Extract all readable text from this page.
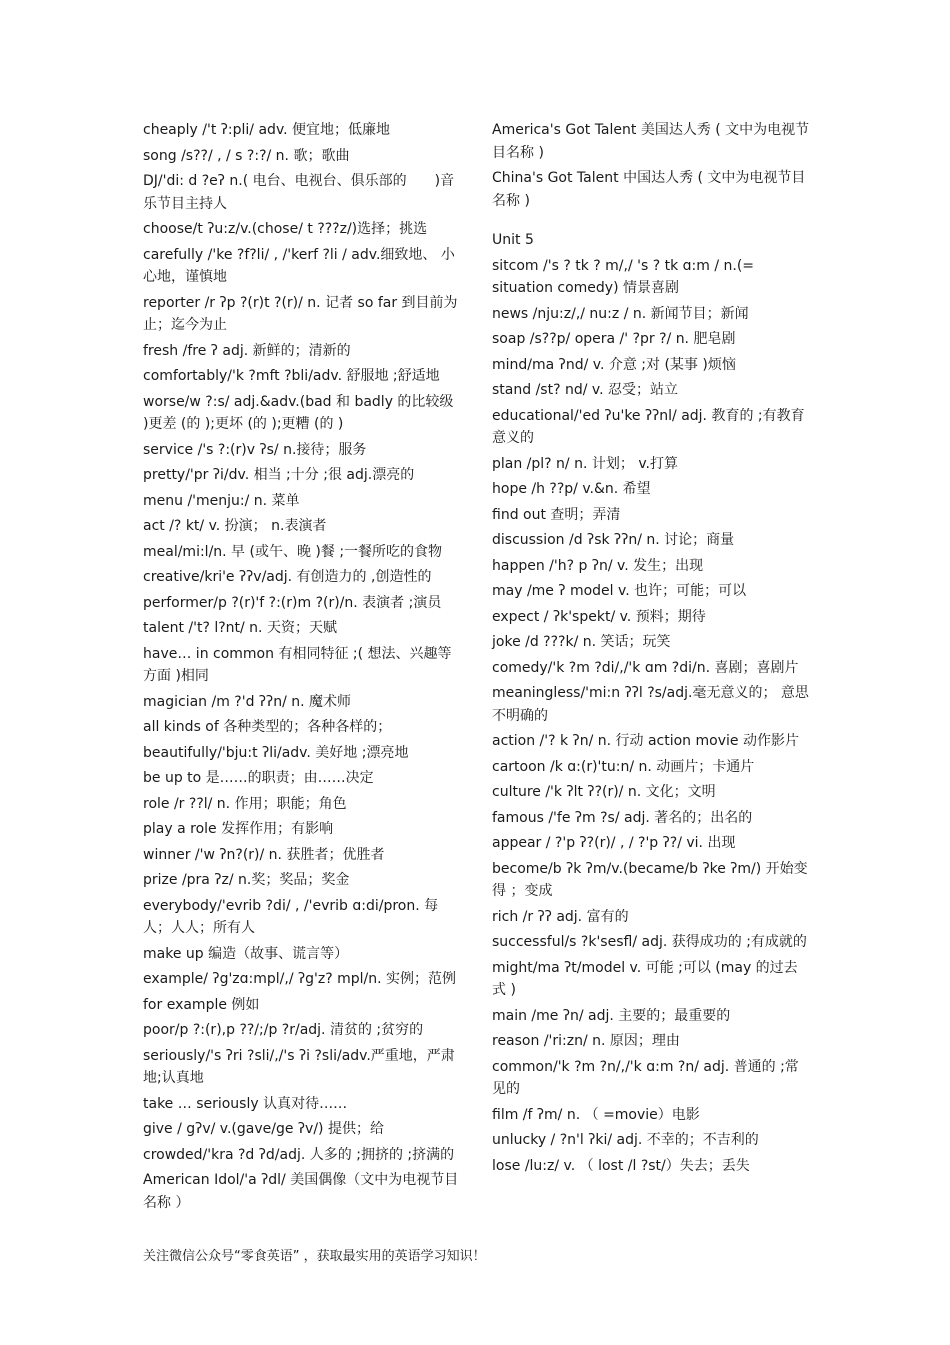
cheaply /'t ʔ:pli/ adv. 便宜地；低廉地
song /s??/ , / s ?:?/ n. 歌；歌曲
DJ/'di: d ?eʔ n.( 电台、电视台、俱乐部的　　)音乐节目主持人
choose/t ʔu:z/v.(chose/ t ???z/)选择；挑选
carefully /'ke ?f?li/ , /'kerf ?li / adv.细致地、 小心地，谨慎地
reporter /r ʔp ?(r)t ?(r)/ n. 记者 so far 到目前为止；迄今为止
fresh /fre ʔ adj. 新鲜的；清新的
comfortably/'k ?mft ?bli/adv. 舒服地 ;舒适地
worse/w ?:s/ adj.&adv.(bad 和 badly 的比较级 )更差 (的 );更坏 (的 );更糟 (的 )
service /'s ?:(r)v ʔs/ n.接待；服务
pretty/'pr ʔi/dv. 相当 ;十分 ;很 adj.漂亮的
menu /'menju:/ n. 菜单
act /? kt/ v. 扮演； n.表演者
meal/mi:l/n. 早 (或午、晚 )餐 ;一餐所吃的食物
creative/kri'e ʔʔv/adj. 有创造力的 ,创造性的
performer/p ?(r)'f ?:(r)m ?(r)/n. 表演者 ;演员
talent /'t? l?nt/ n. 天资；天赋
have… in common 有相同特征 ;( 想法、兴趣等方面 )相同
magician /m ?'d ʔʔn/ n. 魔术师
all kinds of 各种类型的；各种各样的；
beautifully/'bju:t ʔli/adv. 美好地 ;漂亮地
be up to 是……的职责；由……决定
role /r ??l/ n. 作用；职能；角色
play a role 发挥作用；有影响
winner /'w ʔn?(r)/ n. 获胜者；优胜者
prize /pra ʔz/ n.奖；奖品；奖金
everybody/'evrib ?di/ , /'evrib ɑ:di/pron. 每人；人人；所有人
make up 编造（故事、谎言等）
example/ ʔg'zɑ:mpl/,/ ʔg'z? mpl/n. 实例；范例
for example 例如
poor/p ?:(r),p ??/;/p ?r/adj. 清贫的 ;贫穷的
seriously/'s ʔri ?sli/,/'s ʔi ?sli/adv.严重地，严肃地;认真地
take … seriously 认真对待……
give / gʔv/ v.(gave/ge ʔv/) 提供；给
crowded/'kra ?d ʔd/adj. 人多的 ;拥挤的 ;挤满的
American Idol/'a ʔdl/ 美国偶像（文中为电视节目名称 ）
America's Got Talent 美国达人秀 ( 文中为电视节目名称 )
China's Got Talent 中国达人秀 ( 文中为电视节目名称 )
Unit 5
sitcom /'s ? tk ? m/,/ 's ? tk ɑ:m / n.(= situation comedy) 情景喜剧
news /nju:z/,/ nu:z / n. 新闻节目；新闻
soap /s??p/ opera /' ?pr ?/ n. 肥皂剧
mind/ma ʔnd/ v. 介意 ;对 (某事 )烦恼
stand /st? nd/ v. 忍受；站立
educational/'ed ʔu'ke ʔʔnl/ adj. 教育的 ;有教育意义的
plan /pl? n/ n. 计划； v.打算
hope /h ??p/ v.&n. 希望
find out 查明；弄清
discussion /d ʔsk ʔʔn/ n. 讨论；商量
happen /'h? p ʔn/ v. 发生；出现
may /me ʔ model v. 也许；可能；可以
expect / ʔk'spekt/ v. 预料；期待
joke /d ???k/ n. 笑话；玩笑
comedy/'k ?m ?di/,/'k ɑm ?di/n. 喜剧；喜剧片
meaningless/'mi:n ʔʔl ?s/adj.毫无意义的； 意思不明确的
action /'? k ʔn/ n. 行动 action movie 动作影片
cartoon /k ɑ:(r)'tu:n/ n. 动画片；卡通片
culture /'k ʔlt ʔ?(r)/ n. 文化；文明
famous /'fe ʔm ?s/ adj. 著名的；出名的
appear / ?'p ʔ?(r)/ , / ?'p ʔ?/ vi. 出现
become/b ʔk ʔm/v.(became/b ʔke ʔm/) 开始变得 ；变成
rich /r ʔʔ adj. 富有的
successful/s ?k'sesfl/ adj. 获得成功的 ;有成就的
might/ma ʔt/model v. 可能 ;可以 (may 的过去式 )
main /me ʔn/ adj. 主要的；最重要的
reason /'ri:zn/ n. 原因；理由
common/'k ?m ?n/,/'k ɑ:m ?n/ adj. 普通的 ;常见的
film /f ʔm/ n. （ =movie）电影
unlucky / ?n'l ʔki/ adj. 不幸的；不吉利的
lose /lu:z/ v. （ lost /l ?st/）失去；丢失
关注微信公众号“零食英语” ，获取最实用的英语学习知识！
